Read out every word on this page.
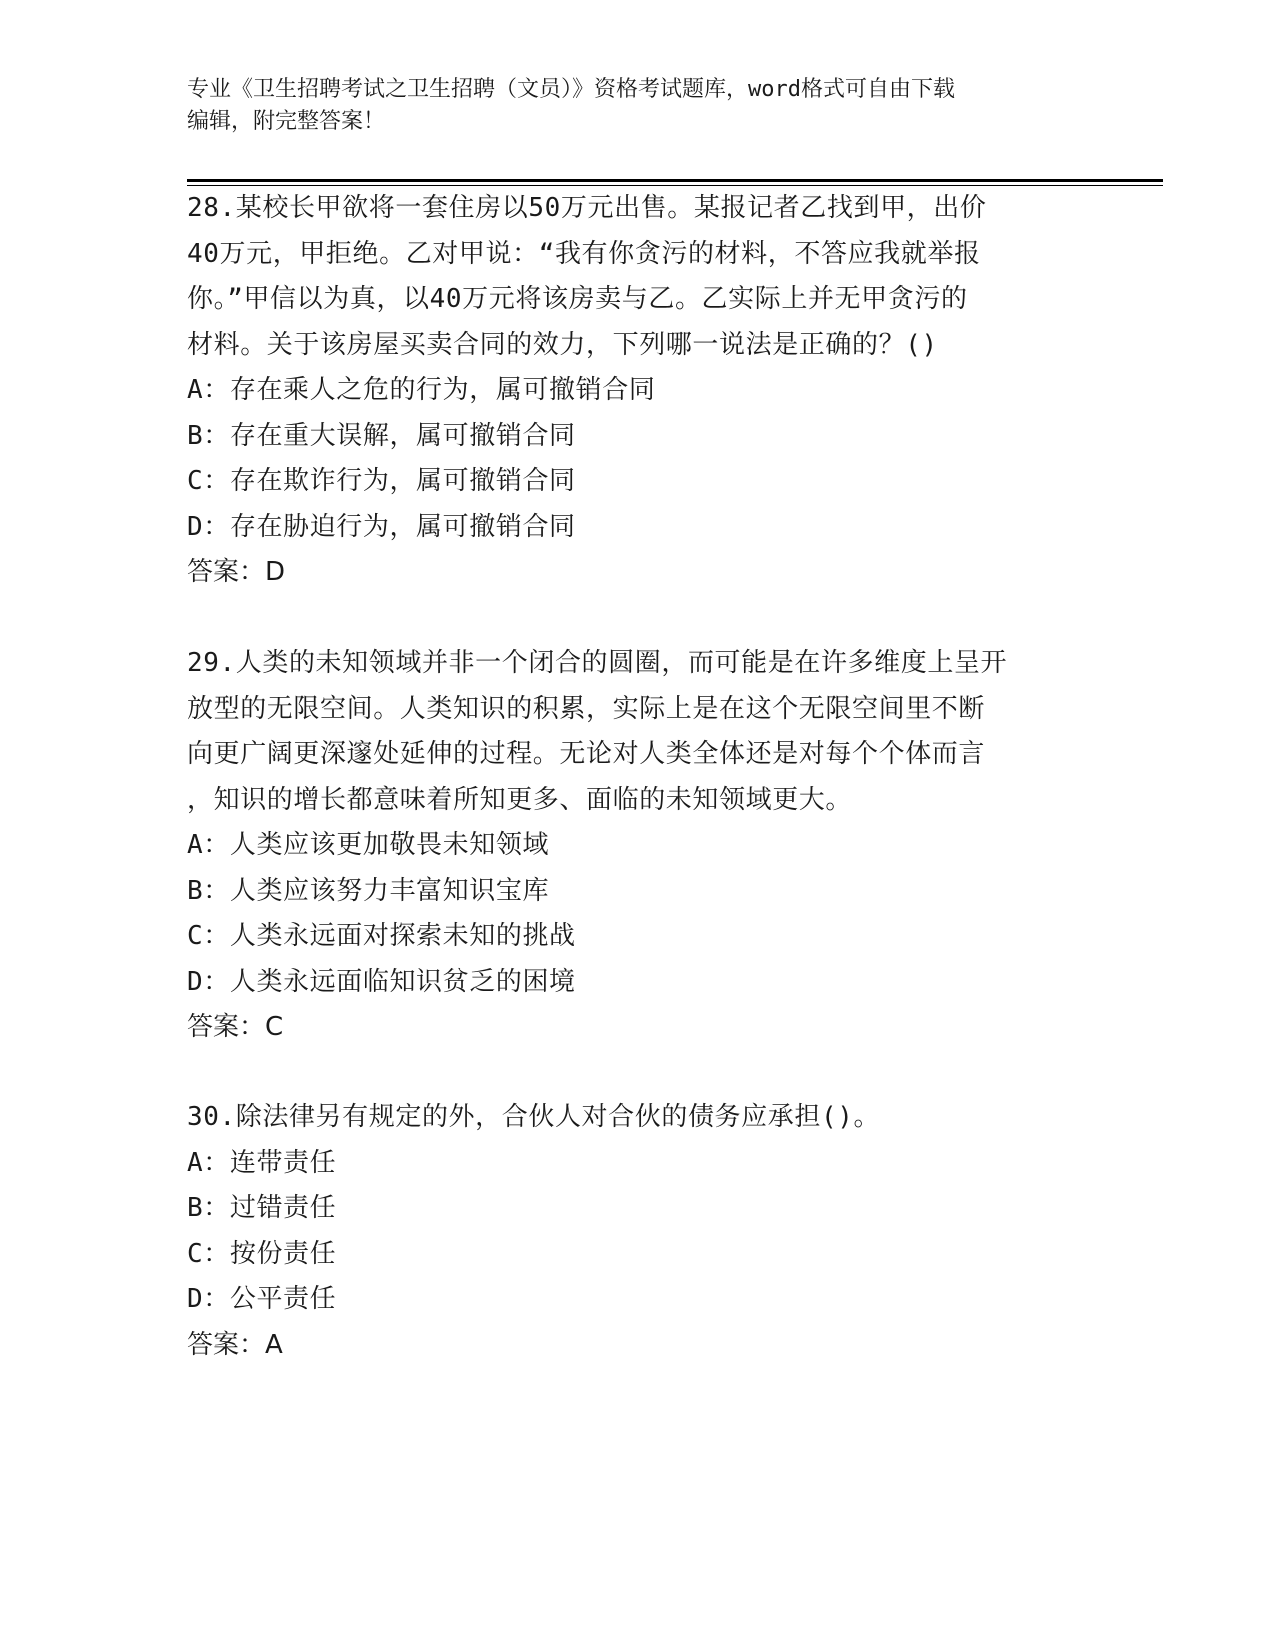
专业《卫生招聘考试之卫生招聘（文员）》资格考试题库，word格式可自由下载
编辑，附完整答案！
28.某校长甲欲将一套住房以50万元出售。某报记者乙找到甲，出价
40万元，甲拒绝。乙对甲说：“我有你贪污的材料，不答应我就举报
你。”甲信以为真，以40万元将该房卖与乙。乙实际上并无甲贪污的
材料。关于该房屋买卖合同的效力，下列哪一说法是正确的？()
A：存在乘人之危的行为，属可撤销合同
B：存在重大误解，属可撤销合同
C：存在欺诈行为，属可撤销合同
D：存在胁迫行为，属可撤销合同
答案：D
29.人类的未知领域并非一个闭合的圆圈，而可能是在许多维度上呈开
放型的无限空间。人类知识的积累，实际上是在这个无限空间里不断
向更广阔更深邃处延伸的过程。无论对人类全体还是对每个个体而言
，知识的增长都意味着所知更多、面临的未知领域更大。
A：人类应该更加敬畏未知领域
B：人类应该努力丰富知识宝库
C：人类永远面对探索未知的挑战
D：人类永远面临知识贫乏的困境
答案：C
30.除法律另有规定的外，合伙人对合伙的债务应承担()。
A：连带责任
B：过错责任
C：按份责任
D：公平责任
答案：A
